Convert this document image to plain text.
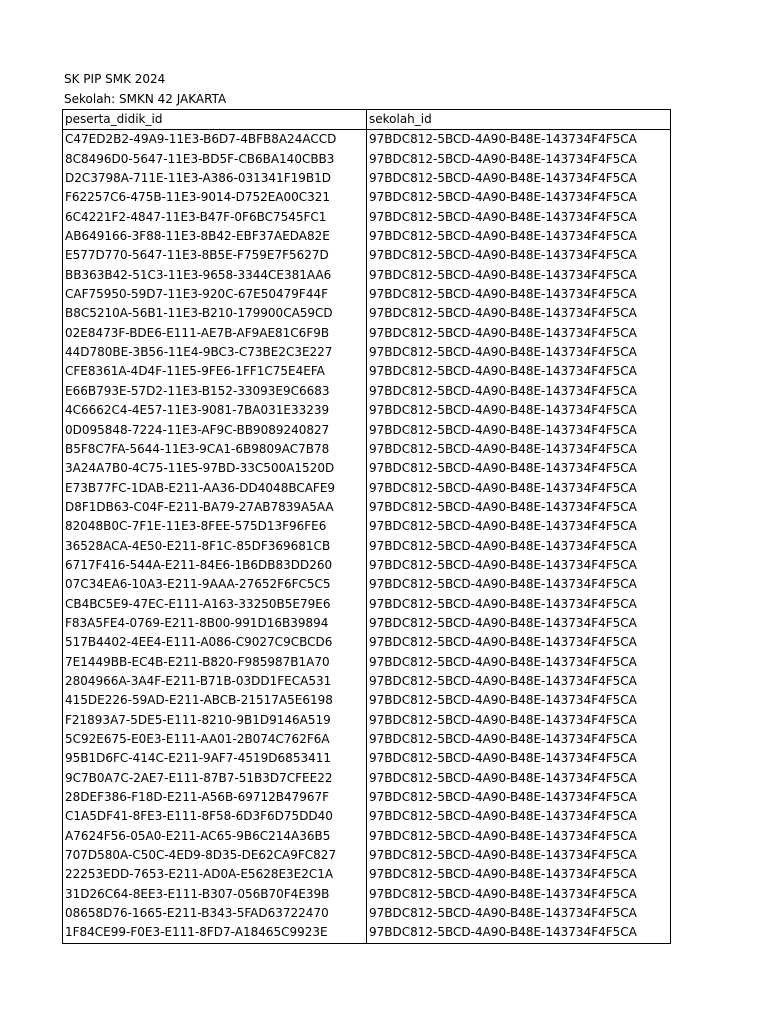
SK PIP SMK 2024
Sekolah: SMKN 42 JAKARTA
peserta_didik_id	sekolah_id
C47ED2B2-49A9-11E3-B6D7-4BFB8A24ACCD	97BDC812-5BCD-4A90-B48E-143734F4F5CA
8C8496D0-5647-11E3-BD5F-CB6BA140CBB3	97BDC812-5BCD-4A90-B48E-143734F4F5CA
D2C3798A-711E-11E3-A386-031341F19B1D	97BDC812-5BCD-4A90-B48E-143734F4F5CA
F62257C6-475B-11E3-9014-D752EA00C321	97BDC812-5BCD-4A90-B48E-143734F4F5CA
6C4221F2-4847-11E3-B47F-0F6BC7545FC1	97BDC812-5BCD-4A90-B48E-143734F4F5CA
AB649166-3F88-11E3-8B42-EBF37AEDA82E	97BDC812-5BCD-4A90-B48E-143734F4F5CA
E577D770-5647-11E3-8B5E-F759E7F5627D	97BDC812-5BCD-4A90-B48E-143734F4F5CA
BB363B42-51C3-11E3-9658-3344CE381AA6	97BDC812-5BCD-4A90-B48E-143734F4F5CA
CAF75950-59D7-11E3-920C-67E50479F44F	97BDC812-5BCD-4A90-B48E-143734F4F5CA
B8C5210A-56B1-11E3-B210-179900CA59CD	97BDC812-5BCD-4A90-B48E-143734F4F5CA
02E8473F-BDE6-E111-AE7B-AF9AE81C6F9B	97BDC812-5BCD-4A90-B48E-143734F4F5CA
44D780BE-3B56-11E4-9BC3-C73BE2C3E227	97BDC812-5BCD-4A90-B48E-143734F4F5CA
CFE8361A-4D4F-11E5-9FE6-1FF1C75E4EFA	97BDC812-5BCD-4A90-B48E-143734F4F5CA
E66B793E-57D2-11E3-B152-33093E9C6683	97BDC812-5BCD-4A90-B48E-143734F4F5CA
4C6662C4-4E57-11E3-9081-7BA031E33239	97BDC812-5BCD-4A90-B48E-143734F4F5CA
0D095848-7224-11E3-AF9C-BB9089240827	97BDC812-5BCD-4A90-B48E-143734F4F5CA
B5F8C7FA-5644-11E3-9CA1-6B9809AC7B78	97BDC812-5BCD-4A90-B48E-143734F4F5CA
3A24A7B0-4C75-11E5-97BD-33C500A1520D	97BDC812-5BCD-4A90-B48E-143734F4F5CA
E73B77FC-1DAB-E211-AA36-DD4048BCAFE9	97BDC812-5BCD-4A90-B48E-143734F4F5CA
D8F1DB63-C04F-E211-BA79-27AB7839A5AA	97BDC812-5BCD-4A90-B48E-143734F4F5CA
82048B0C-7F1E-11E3-8FEE-575D13F96FE6	97BDC812-5BCD-4A90-B48E-143734F4F5CA
36528ACA-4E50-E211-8F1C-85DF369681CB	97BDC812-5BCD-4A90-B48E-143734F4F5CA
6717F416-544A-E211-84E6-1B6DB83DD260	97BDC812-5BCD-4A90-B48E-143734F4F5CA
07C34EA6-10A3-E211-9AAA-27652F6FC5C5	97BDC812-5BCD-4A90-B48E-143734F4F5CA
CB4BC5E9-47EC-E111-A163-33250B5E79E6	97BDC812-5BCD-4A90-B48E-143734F4F5CA
F83A5FE4-0769-E211-8B00-991D16B39894	97BDC812-5BCD-4A90-B48E-143734F4F5CA
517B4402-4EE4-E111-A086-C9027C9CBCD6	97BDC812-5BCD-4A90-B48E-143734F4F5CA
7E1449BB-EC4B-E211-B820-F985987B1A70	97BDC812-5BCD-4A90-B48E-143734F4F5CA
2804966A-3A4F-E211-B71B-03DD1FECA531	97BDC812-5BCD-4A90-B48E-143734F4F5CA
415DE226-59AD-E211-ABCB-21517A5E6198	97BDC812-5BCD-4A90-B48E-143734F4F5CA
F21893A7-5DE5-E111-8210-9B1D9146A519	97BDC812-5BCD-4A90-B48E-143734F4F5CA
5C92E675-E0E3-E111-AA01-2B074C762F6A	97BDC812-5BCD-4A90-B48E-143734F4F5CA
95B1D6FC-414C-E211-9AF7-4519D6853411	97BDC812-5BCD-4A90-B48E-143734F4F5CA
9C7B0A7C-2AE7-E111-87B7-51B3D7CFEE22	97BDC812-5BCD-4A90-B48E-143734F4F5CA
28DEF386-F18D-E211-A56B-69712B47967F	97BDC812-5BCD-4A90-B48E-143734F4F5CA
C1A5DF41-8FE3-E111-8F58-6D3F6D75DD40	97BDC812-5BCD-4A90-B48E-143734F4F5CA
A7624F56-05A0-E211-AC65-9B6C214A36B5	97BDC812-5BCD-4A90-B48E-143734F4F5CA
707D580A-C50C-4ED9-8D35-DE62CA9FC827	97BDC812-5BCD-4A90-B48E-143734F4F5CA
22253EDD-7653-E211-AD0A-E5628E3E2C1A	97BDC812-5BCD-4A90-B48E-143734F4F5CA
31D26C64-8EE3-E111-B307-056B70F4E39B	97BDC812-5BCD-4A90-B48E-143734F4F5CA
08658D76-1665-E211-B343-5FAD63722470	97BDC812-5BCD-4A90-B48E-143734F4F5CA
1F84CE99-F0E3-E111-8FD7-A18465C9923E	97BDC812-5BCD-4A90-B48E-143734F4F5CA
